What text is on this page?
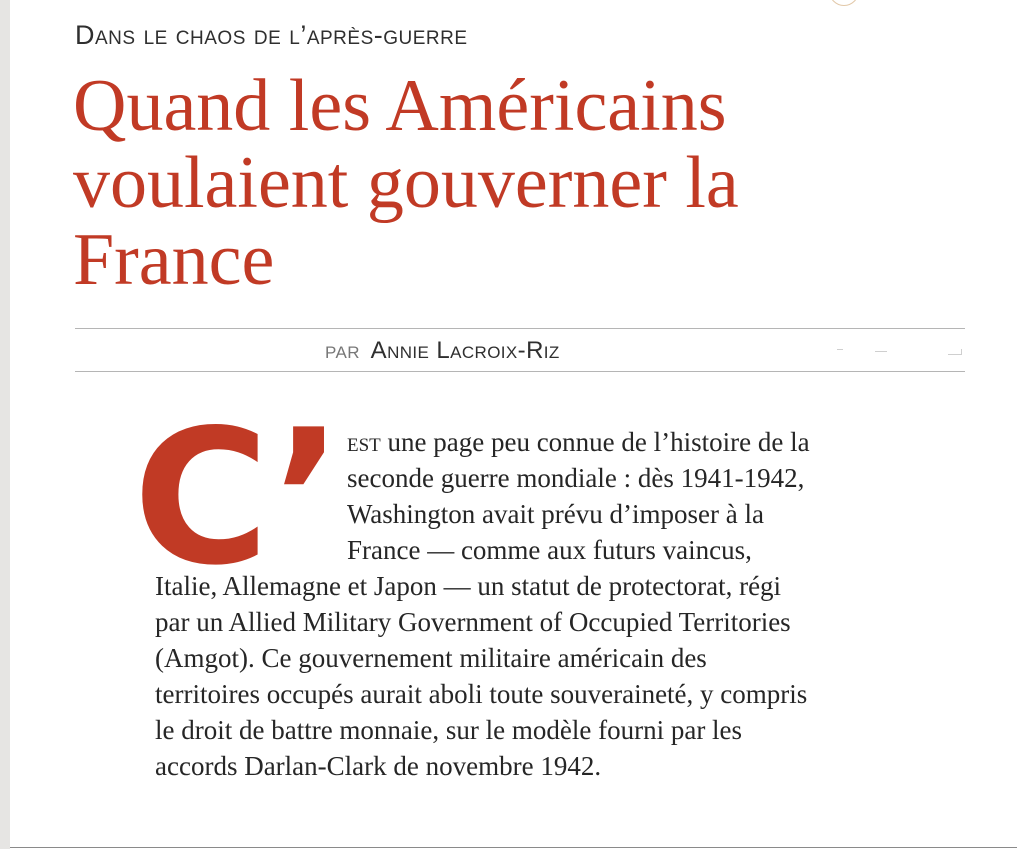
Dans le chaos de l’après-guerre
Quand les Américains voulaient gouverner la France
par Annie Lacroix-Riz
C’ est une page peu connue de l’histoire de la seconde guerre mondiale : dès 1941-1942, Washington avait prévu d’imposer à la France — comme aux futurs vaincus, Italie, Allemagne et Japon — un statut de protectorat, régi par un Allied Military Government of Occupied Territories (Amgot). Ce gouvernement militaire américain des territoires occupés aurait aboli toute souveraineté, y compris le droit de battre monnaie, sur le modèle fourni par les accords Darlan-Clark de novembre 1942.
